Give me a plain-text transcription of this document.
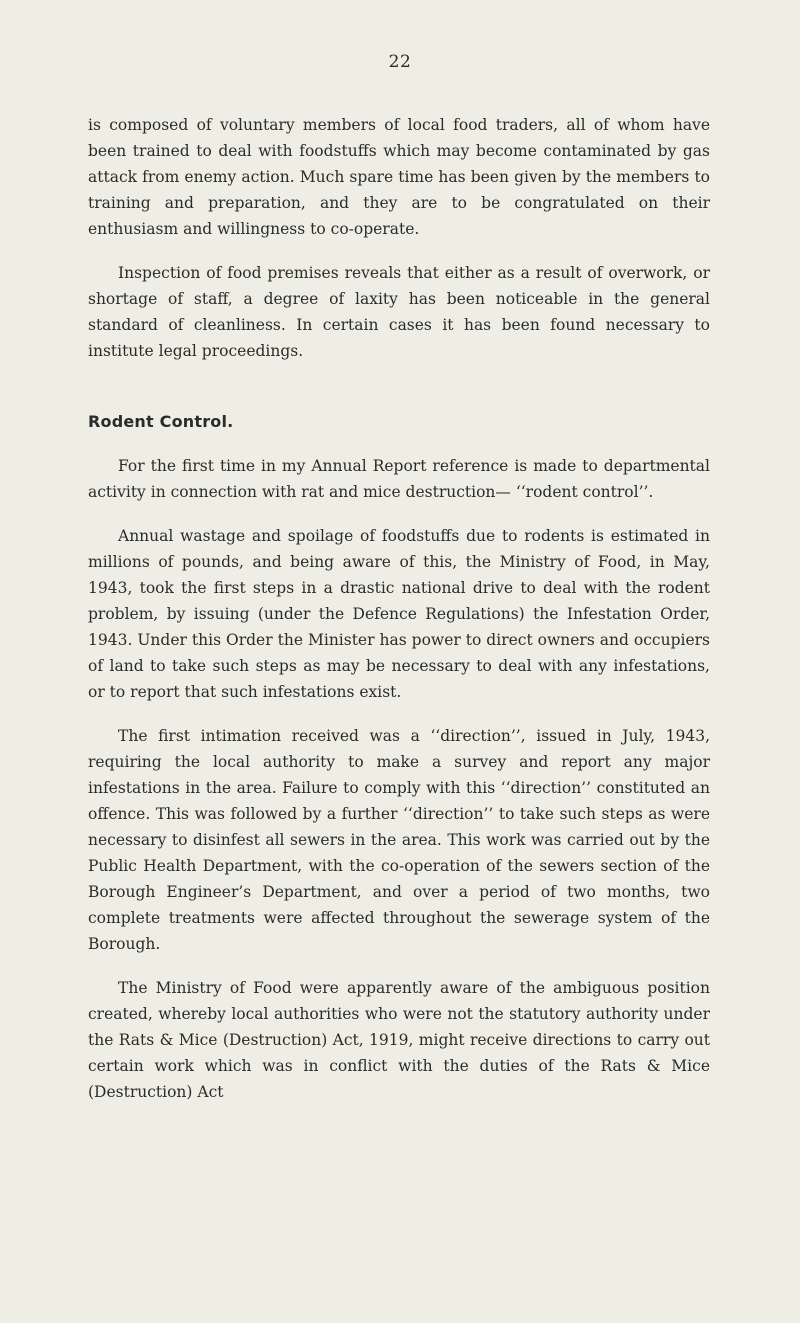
22

is composed of voluntary members of local food traders, all of whom have been trained to deal with foodstuffs which may become contaminated by gas attack from enemy action. Much spare time has been given by the members to training and preparation, and they are to be congratulated on their enthusiasm and willingness to co-operate.

Inspection of food premises reveals that either as a result of overwork, or shortage of staff, a degree of laxity has been noticeable in the general standard of cleanliness. In certain cases it has been found necessary to institute legal proceedings.

Rodent Control.

For the first time in my Annual Report reference is made to departmental activity in connection with rat and mice destruction— ‘‘rodent control’’.

Annual wastage and spoilage of foodstuffs due to rodents is estimated in millions of pounds, and being aware of this, the Ministry of Food, in May, 1943, took the first steps in a drastic national drive to deal with the rodent problem, by issuing (under the Defence Regulations) the Infestation Order, 1943. Under this Order the Minister has power to direct owners and occupiers of land to take such steps as may be necessary to deal with any infestations, or to report that such infestations exist.

The first intimation received was a ‘‘direction’’, issued in July, 1943, requiring the local authority to make a survey and report any major infestations in the area. Failure to comply with this ‘‘direction’’ constituted an offence. This was followed by a further ‘‘direction’’ to take such steps as were necessary to disinfest all sewers in the area. This work was carried out by the Public Health Department, with the co-operation of the sewers section of the Borough Engineer’s Department, and over a period of two months, two complete treatments were affected throughout the sewerage system of the Borough.

The Ministry of Food were apparently aware of the ambiguous position created, whereby local authorities who were not the statutory authority under the Rats & Mice (Destruction) Act, 1919, might receive directions to carry out certain work which was in conflict with the duties of the Rats & Mice (Destruction) Act
